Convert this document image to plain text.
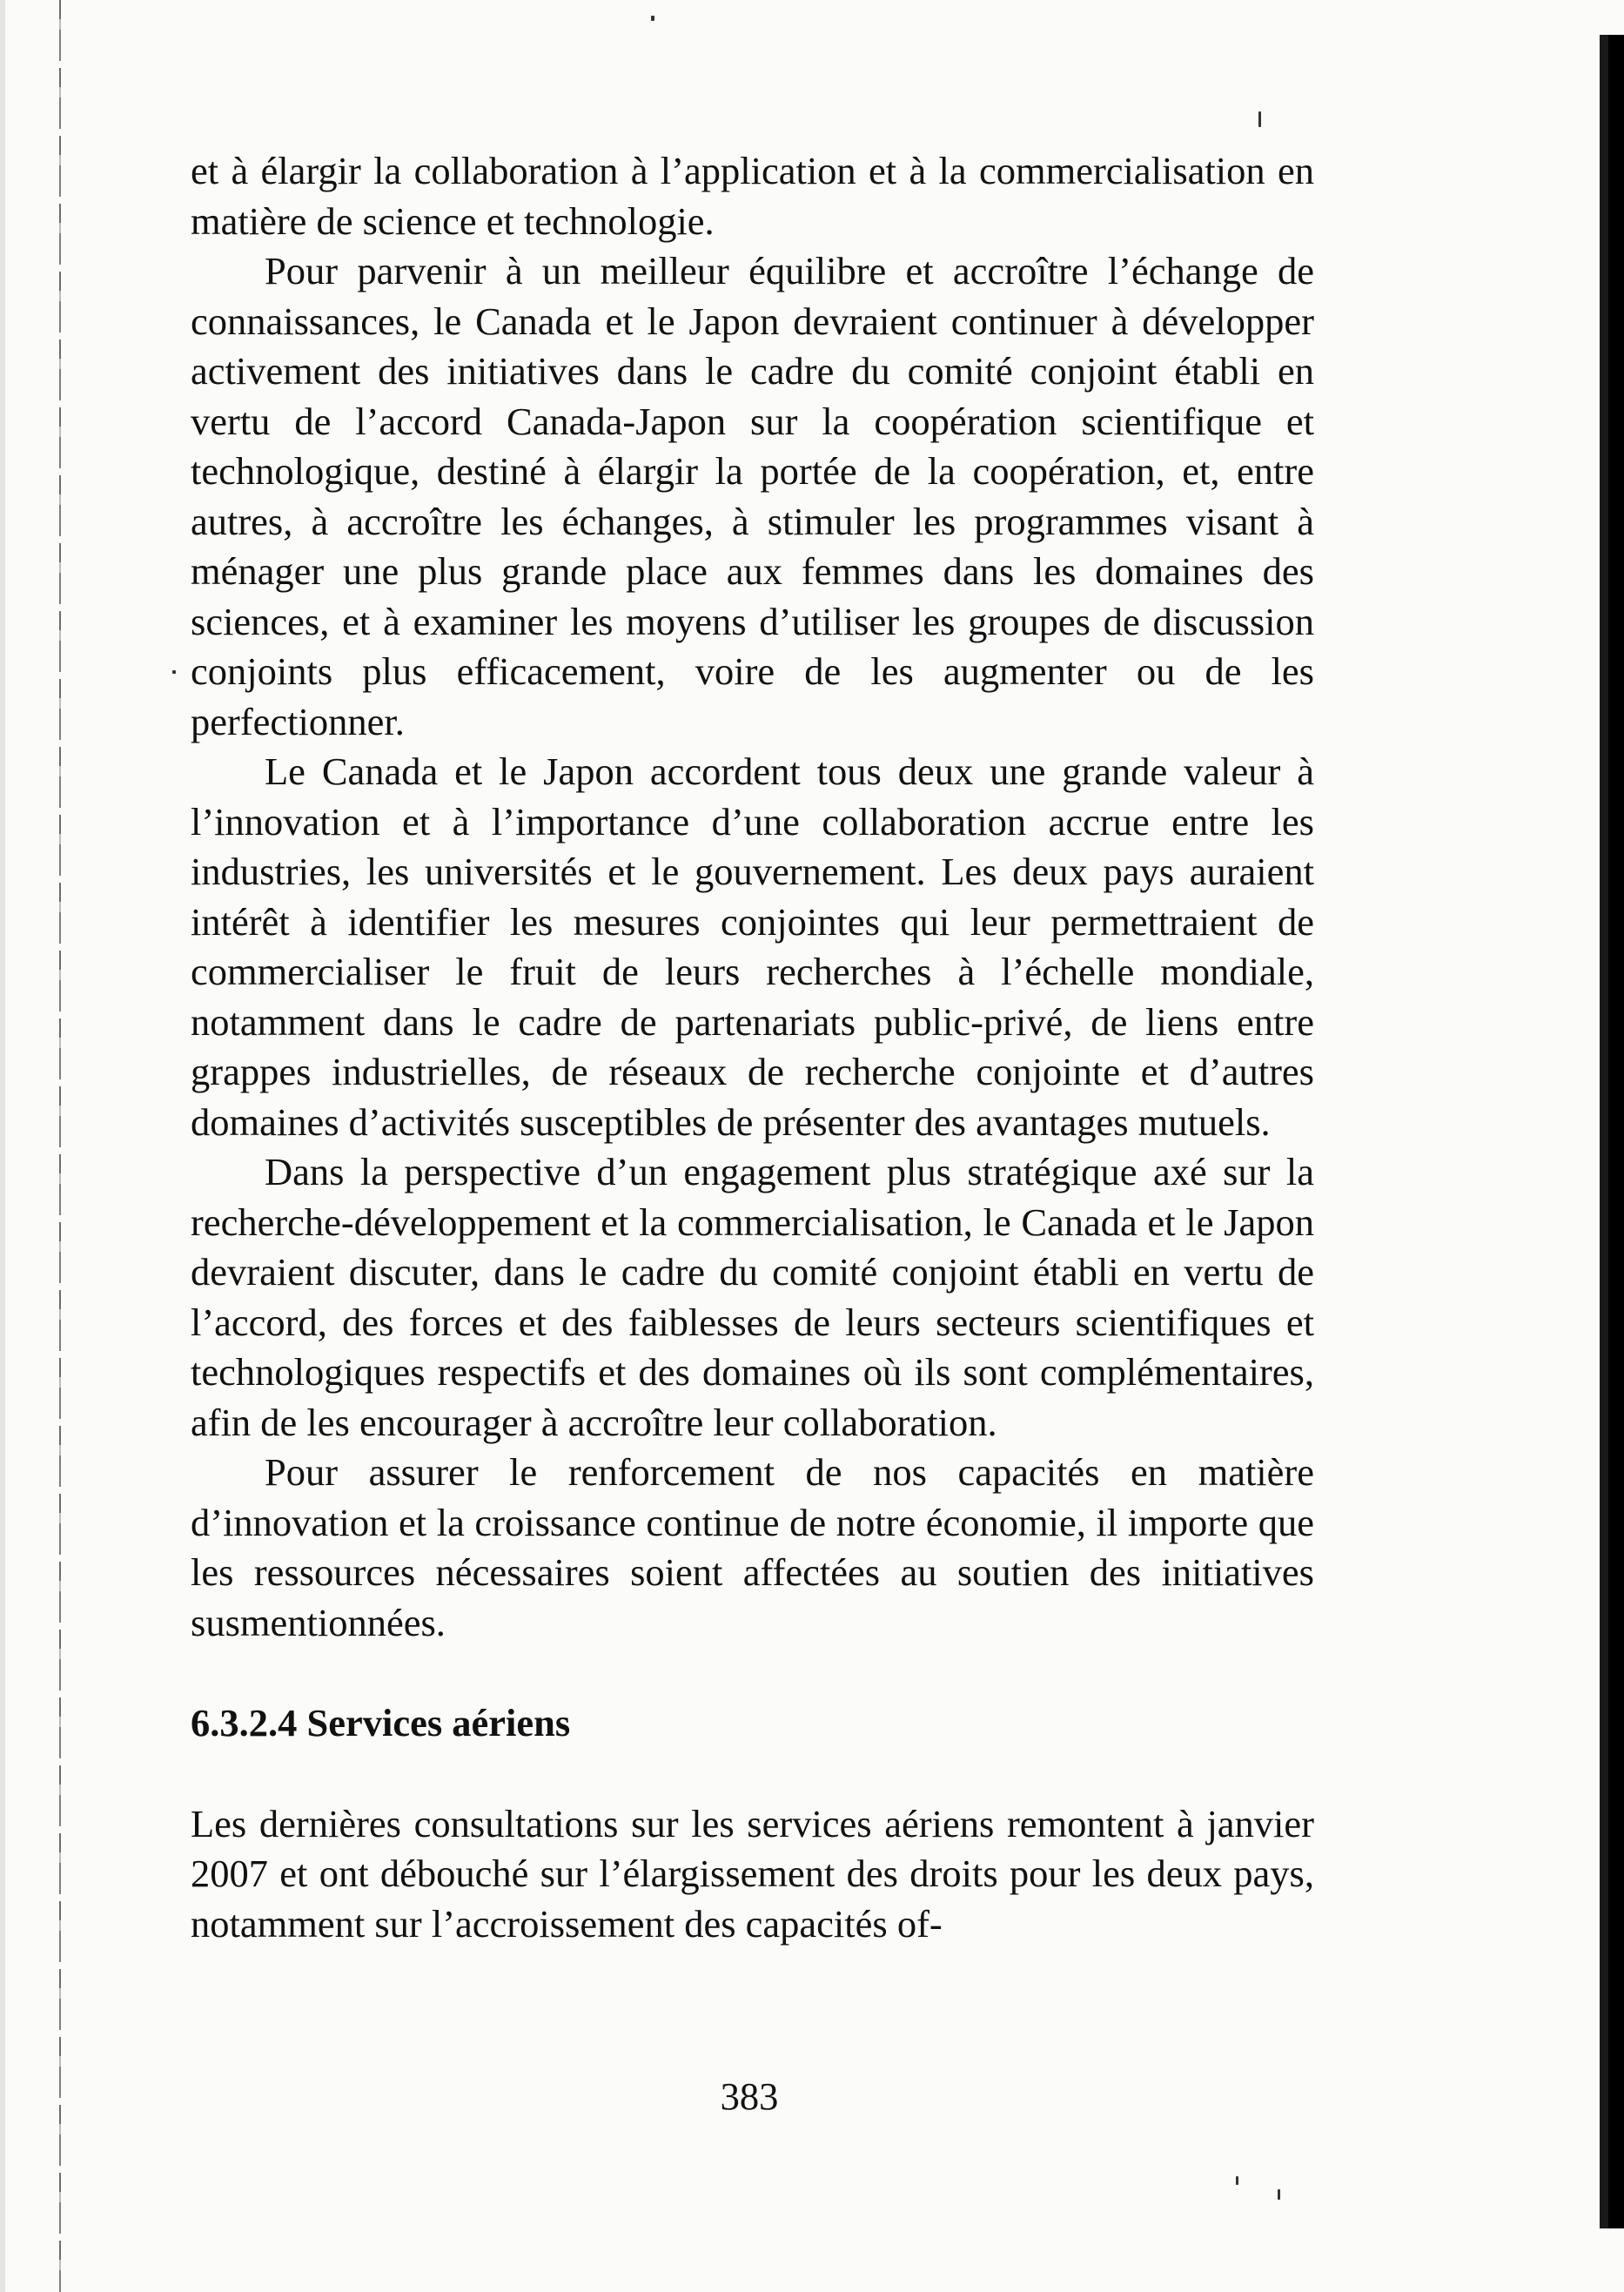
et à élargir la collaboration à l’application et à la commercialisation en matière de science et technologie.

Pour parvenir à un meilleur équilibre et accroître l’échange de connaissances, le Canada et le Japon devraient continuer à développer activement des initiatives dans le cadre du comité conjoint établi en vertu de l’accord Canada-Japon sur la coopération scientifique et technologique, destiné à élargir la portée de la coopération, et, entre autres, à accroître les échanges, à stimuler les programmes visant à ménager une plus grande place aux femmes dans les domaines des sciences, et à examiner les moyens d’utiliser les groupes de discussion conjoints plus efficacement, voire de les augmenter ou de les perfectionner.

Le Canada et le Japon accordent tous deux une grande valeur à l’innovation et à l’importance d’une collaboration accrue entre les industries, les universités et le gouvernement. Les deux pays auraient intérêt à identifier les mesures conjointes qui leur permettraient de commercialiser le fruit de leurs recherches à l’échelle mondiale, notamment dans le cadre de partenariats public-privé, de liens entre grappes industrielles, de réseaux de recherche conjointe et d’autres domaines d’activités susceptibles de présenter des avantages mutuels.

Dans la perspective d’un engagement plus stratégique axé sur la recherche-développement et la commercialisation, le Canada et le Japon devraient discuter, dans le cadre du comité conjoint établi en vertu de l’accord, des forces et des faiblesses de leurs secteurs scientifiques et technologiques respectifs et des domaines où ils sont complémentaires, afin de les encourager à accroître leur collaboration.

Pour assurer le renforcement de nos capacités en matière d’innovation et la croissance continue de notre économie, il importe que les ressources nécessaires soient affectées au soutien des initiatives susmentionnées.

6.3.2.4 Services aériens

Les dernières consultations sur les services aériens remontent à janvier 2007 et ont débouché sur l’élargissement des droits pour les deux pays, notamment sur l’accroissement des capacités of-

383
